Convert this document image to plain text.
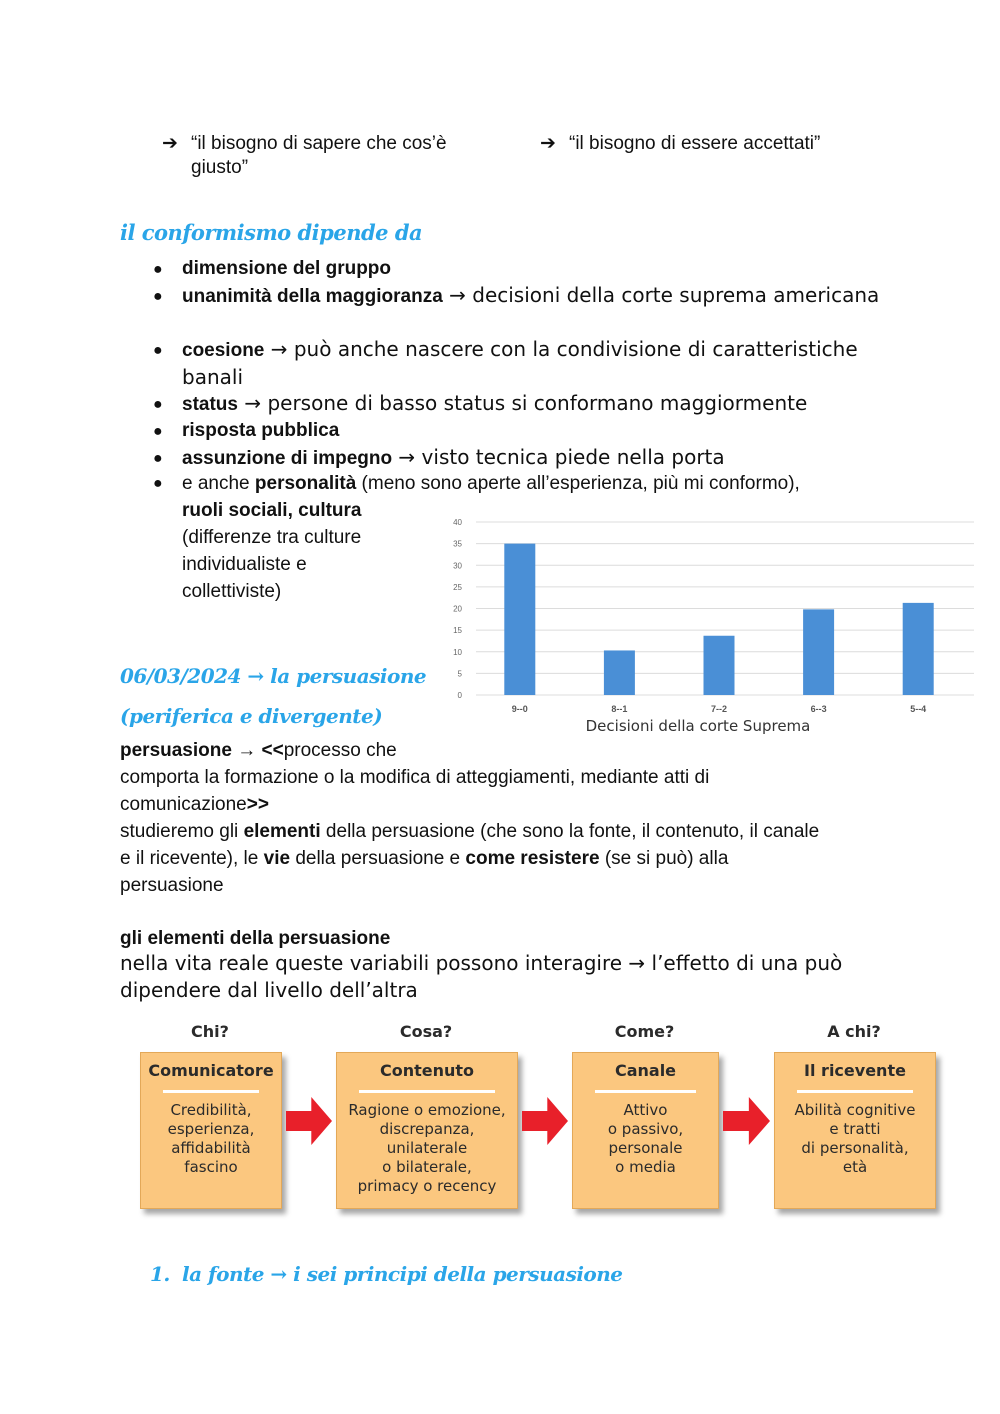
➔ “il bisogno di sapere che cos’è giusto”
➔ “il bisogno di essere accettati”
il conformismo dipende da
● dimensione del gruppo
● unanimità della maggioranza → decisioni della corte suprema americana
● coesione → può anche nascere con la condivisione di caratteristiche banali
● status → persone di basso status si conformano maggiormente
● risposta pubblica
● assunzione di impegno → visto tecnica piede nella porta
● e anche personalità (meno sono aperte all’esperienza, più mi conformo),
ruoli sociali, cultura
(differenze tra culture
individualiste e
collettiviste)
0
5
10
15
20
25
30
35
40
9--0	8--1	7--2	6--3	5--4
Decisioni della corte Suprema
06/03/2024 → la persuasione
(periferica e divergente)
persuasione → <<processo che
comporta la formazione o la modifica di atteggiamenti, mediante atti di
comunicazione>>
studieremo gli elementi della persuasione (che sono la fonte, il contenuto, il canale
e il ricevente), le vie della persuasione e come resistere (se si può) alla
persuasione
gli elementi della persuasione
nella vita reale queste variabili possono interagire → l’effetto di una può
dipendere dal livello dell’altra
Chi?
Comunicatore
Credibilità,
esperienza,
affidabilità
fascino
Cosa?
Contenuto
Ragione o emozione,
discrepanza,
unilaterale
o bilaterale,
primacy o recency
Come?
Canale
Attivo
o passivo,
personale
o media
A chi?
Il ricevente
Abilità cognitive
e tratti
di personalità,
età
1. la fonte → i sei principi della persuasione
